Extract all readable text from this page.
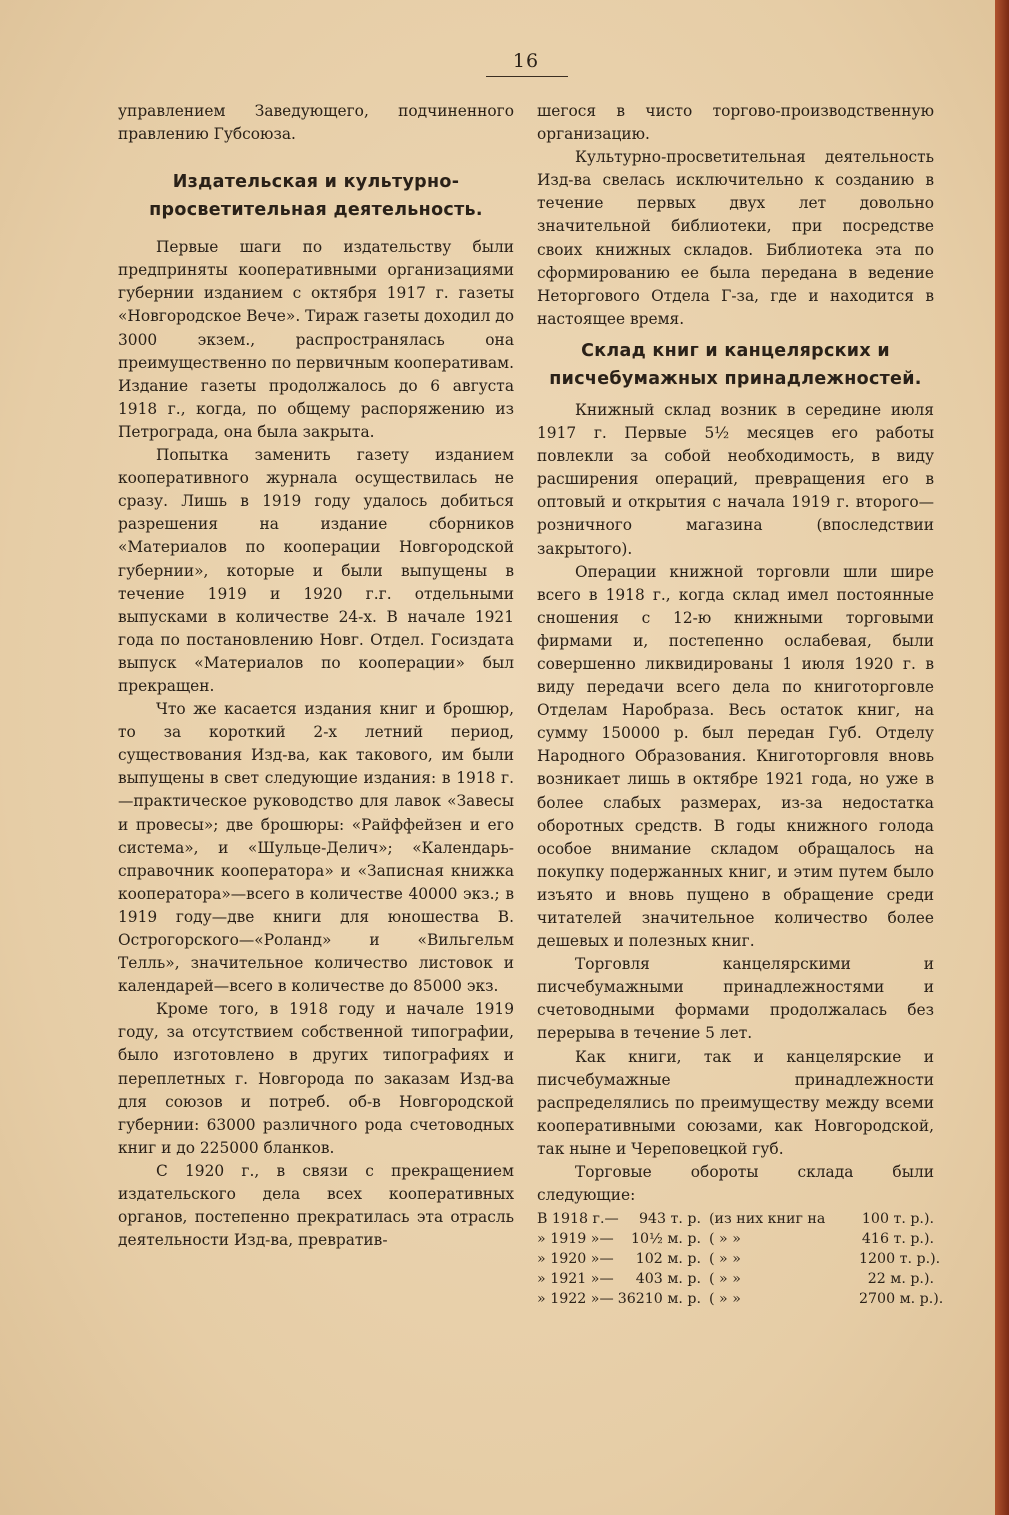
16

управлением Заведующего, подчиненного правлению Губсоюза.

Издательская и культурно-просветительная деятельность.

Первые шаги по издательству были предприняты кооперативными организациями губернии изданием с октября 1917 г. газеты «Новгородское Вече». Тираж газеты доходил до 3000 экзем., распространялась она преимущественно по первичным кооперативам. Издание газеты продолжалось до 6 августа 1918 г., когда, по общему распоряжению из Петрограда, она была закрыта.

Попытка заменить газету изданием кооперативного журнала осуществилась не сразу. Лишь в 1919 году удалось добиться разрешения на издание сборников «Материалов по кооперации Новгородской губернии», которые и были выпущены в течение 1919 и 1920 г.г. отдельными выпусками в количестве 24-х. В начале 1921 года по постановлению Новг. Отдел. Госиздата выпуск «Материалов по кооперации» был прекращен.

Что же касается издания книг и брошюр, то за короткий 2-х летний период, существования Изд-ва, как такового, им были выпущены в свет следующие издания: в 1918 г.—практическое руководство для лавок «Завесы и провесы»; две брошюры: «Райффейзен и его система», и «Шульце-Делич»; «Календарь-справочник кооператора» и «Записная книжка кооператора»—всего в количестве 40000 экз.; в 1919 году—две книги для юношества В. Острогорского—«Роланд» и «Вильгельм Телль», значительное количество листовок и календарей—всего в количестве до 85000 экз.

Кроме того, в 1918 году и начале 1919 году, за отсутствием собственной типографии, было изготовлено в других типографиях и переплетных г. Новгорода по заказам Изд-ва для союзов и потреб. об-в Новгородской губернии: 63000 различного рода счетоводных книг и до 225000 бланков.

С 1920 г., в связи с прекращением издательского дела всех кооперативных органов, постепенно прекратилась эта отрасль деятельности Изд-ва, превратив-

шегося в чисто торгово-производственную организацию.

Культурно-просветительная деятельность Изд-ва свелась исключительно к созданию в течение первых двух лет довольно значительной библиотеки, при посредстве своих книжных складов. Библиотека эта по сформированию ее была передана в ведение Неторгового Отдела Г-за, где и находится в настоящее время.

Склад книг и канцелярских и писчебумажных принадлежностей.

Книжный склад возник в середине июля 1917 г. Первые 5½ месяцев его работы повлекли за собой необходимость, в виду расширения операций, превращения его в оптовый и открытия с начала 1919 г. второго—розничного магазина (впоследствии закрытого).

Операции книжной торговли шли шире всего в 1918 г., когда склад имел постоянные сношения с 12-ю книжными торговыми фирмами и, постепенно ослабевая, были совершенно ликвидированы 1 июля 1920 г. в виду передачи всего дела по книготорговле Отделам Наробраза. Весь остаток книг, на сумму 150000 р. был передан Губ. Отделу Народного Образования. Книготорговля вновь возникает лишь в октябре 1921 года, но уже в более слабых размерах, из-за недостатка оборотных средств. В годы книжного голода особое внимание складом обращалось на покупку подержанных книг, и этим путем было изъято и вновь пущено в обращение среди читателей значительное количество более дешевых и полезных книг.

Торговля канцелярскими и писчебумажными принадлежностями и счетоводными формами продолжалась без перерыва в течение 5 лет.

Как книги, так и канцелярские и писчебумажные принадлежности распределялись по преимуществу между всеми кооперативными союзами, как Новгородской, так ныне и Череповецкой губ.

Торговые обороты склада были следующие:

В 1918 г.—	943 т. р. (из них книг на	100 т. р.).
» 1919 »—	10½ м. р. ( » »	416 т. р.).
» 1920 »—	102 м. р. ( » »	1200 т. р.).
» 1921 »—	403 м. р. ( » »	22 м. р.).
» 1922 »— 36210 м. р. ( » »	2700 м. р.).
